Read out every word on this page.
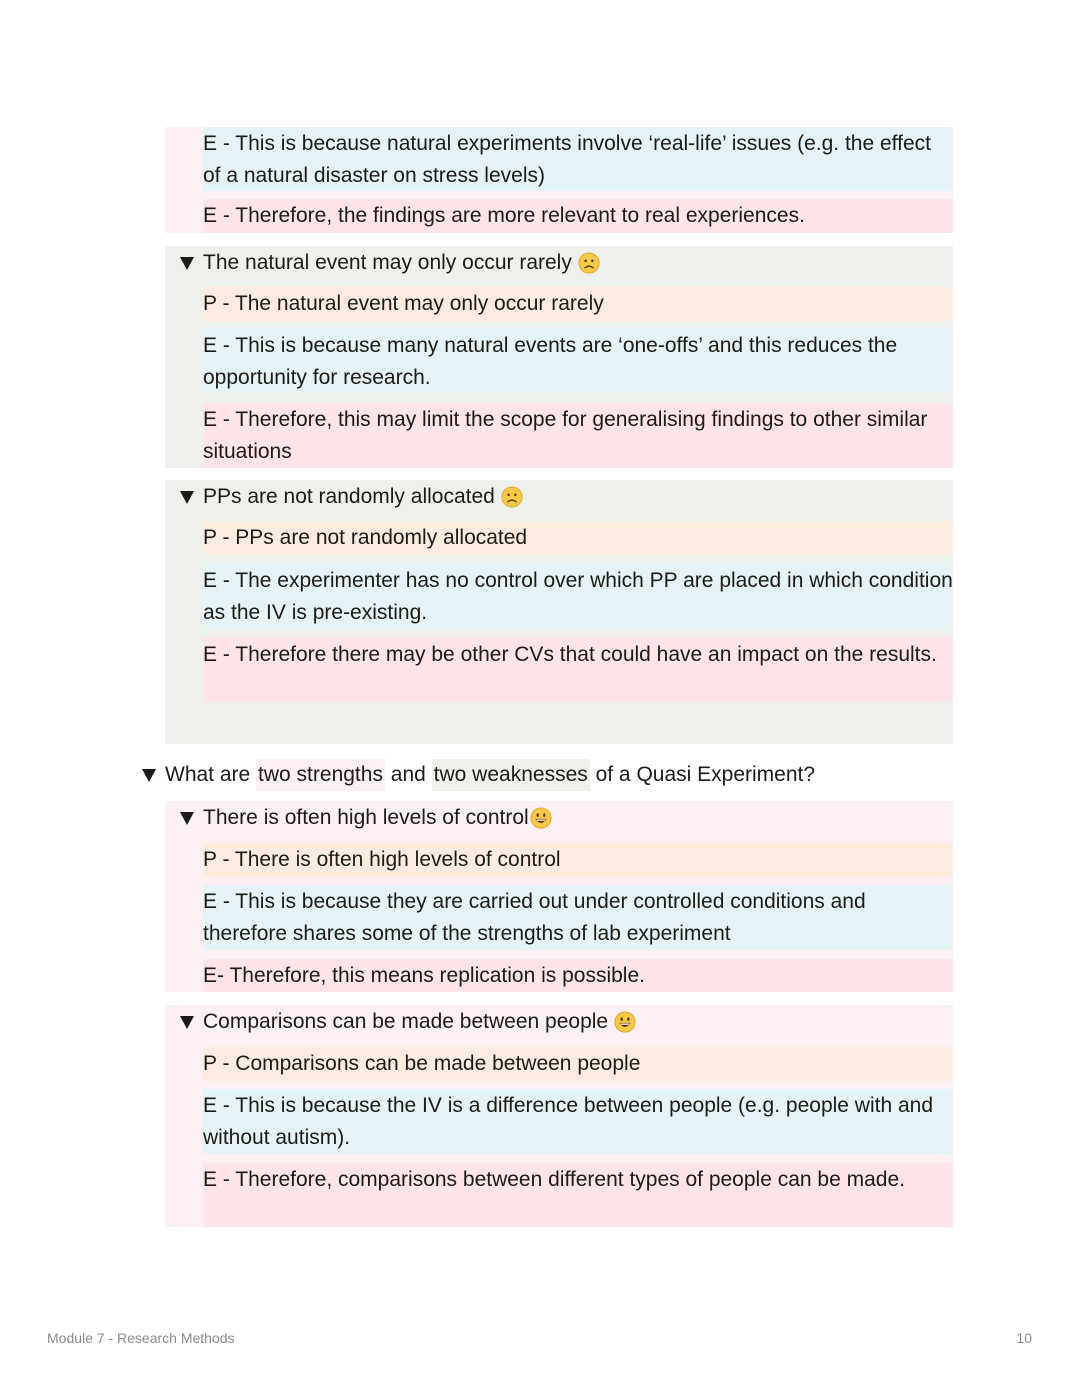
E - This is because natural experiments involve ‘real-life’ issues (e.g. the effect of a natural disaster on stress levels)
E - Therefore, the findings are more relevant to real experiences.
The natural event may only occur rarely
P - The natural event may only occur rarely
E - This is because many natural events are ‘one-offs’ and this reduces the opportunity for research.
E - Therefore, this may limit the scope for generalising findings to other similar situations
PPs are not randomly allocated
P - PPs are not randomly allocated
E - The experimenter has no control over which PP are placed in which condition as the IV is pre-existing.
E - Therefore there may be other CVs that could have an impact on the results.
What are two strengths and two weaknesses of a Quasi Experiment?
There is often high levels of control
P - There is often high levels of control
E - This is because they are carried out under controlled conditions and therefore shares some of the strengths of lab experiment
E- Therefore, this means replication is possible.
Comparisons can be made between people
P - Comparisons can be made between people
E - This is because the IV is a difference between people (e.g. people with and without autism).
E - Therefore, comparisons between different types of people can be made.
Module 7 - Research Methods	10
